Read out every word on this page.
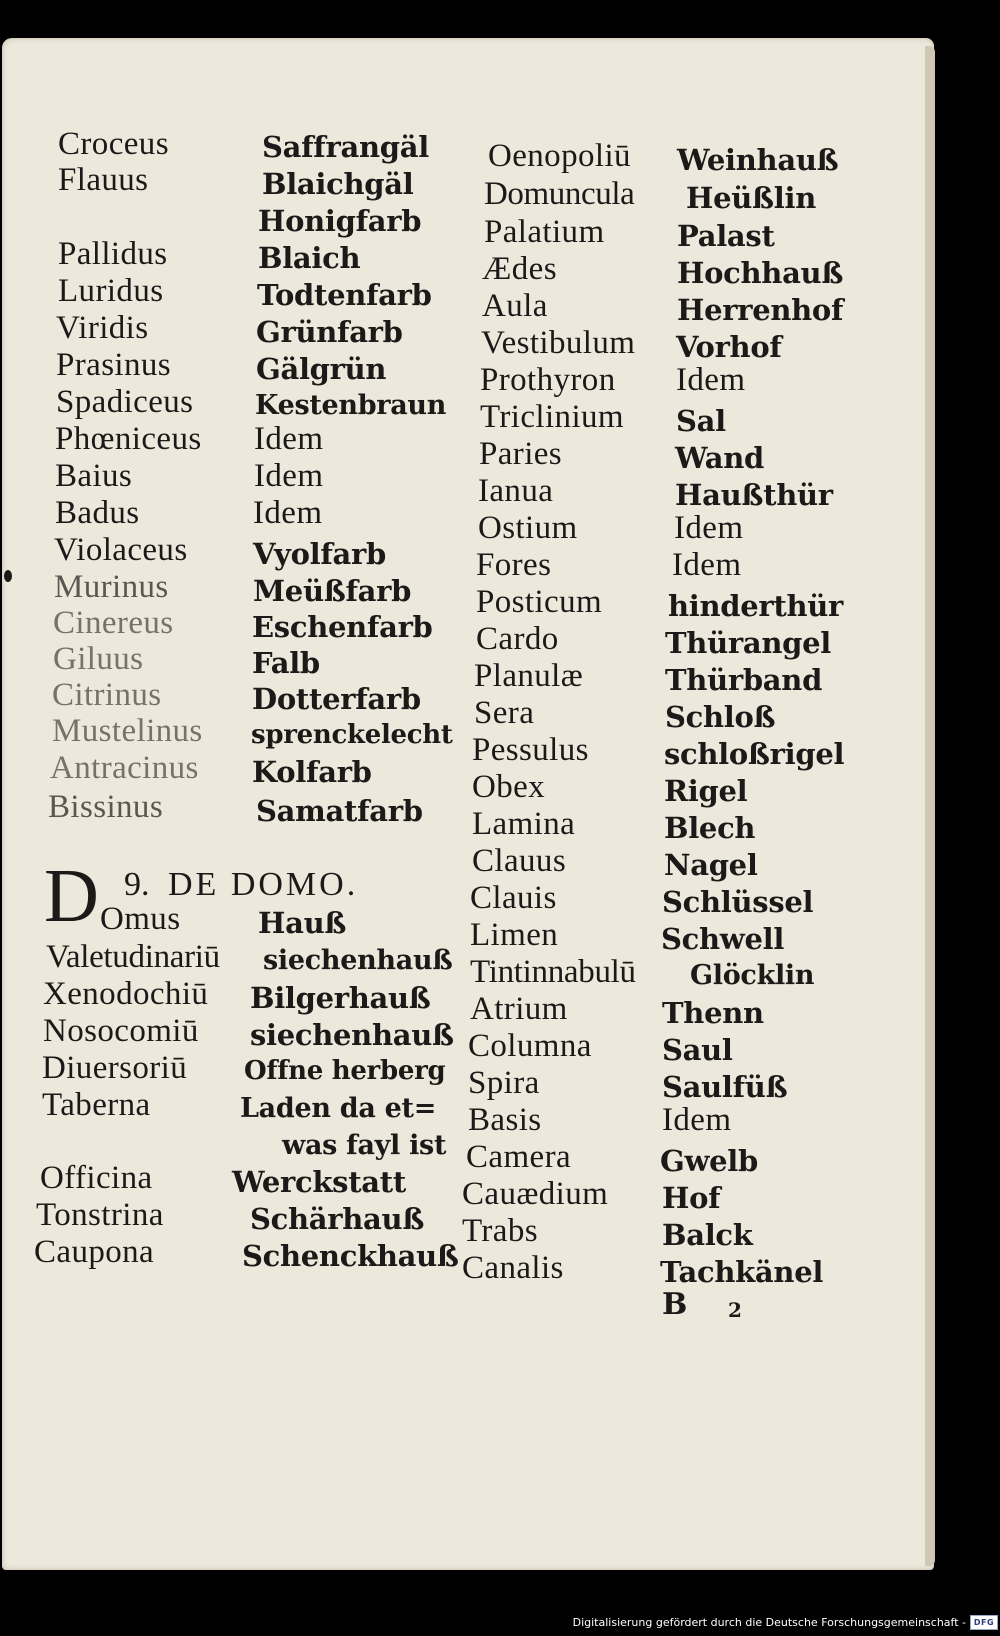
Croceus	Saffrangäl
Flauus	Blaichgäl
Honigfarb
Pallidus	Blaich
Luridus	Todtenfarb
Viridis	Grünfarb
Prasinus	Gälgrün
Spadiceus Kestenbraun
Phœniceus Idem
Baius	Idem
Badus	Idem
Violaceus Vyolfarb
Murinus	Meüßfarb
Cinereus	Eschenfarb
Giluus	Falb
Citrinus	Dotterfarb
Mustelinus sprenckelecht
Antracinus Kolfarb
Bissinus	Samatfarb
D 9. DE DOMO.
Omus	Hauß
Valetudinariū siechenhauß
Xenodochiū Bilgerhauß
Nosocomiū siechenhauß
Diuersoriū Offne herberg
Taberna	Laden da et=
was fayl ist
Officina	Werckstatt
Tonstrina	Schärhauß
Caupona	Schenckhauß
Oenopoliū Weinhauß
Domuncula Heüßlin
Palatium Palast
Ædes	Hochhauß
Aula	Herrenhof
Vestibulum Vorhof
Prothyron Idem
Triclinium Sal
Paries	Wand
Ianua	Haußthür
Ostium	Idem
Fores	Idem
Posticum hinderthür
Cardo	Thürangel
Planulæ	Thürband
Sera	Schloß
Pessulus	schloßrigel
Obex	Rigel
Lamina	Blech
Clauus	Nagel
Clauis	Schlüssel
Limen	Schwell
Tintinnabulū Glöcklin
Atrium	Thenn
Columna Saul
Spira	Saulfüß
Basis	Idem
Camera	Gwelb
Cauædium Hof
Trabs	Balck
Canalis	Tachkänel
B 2
Digitalisierung gefördert durch die Deutsche Forschungsgemeinschaft - DFG
